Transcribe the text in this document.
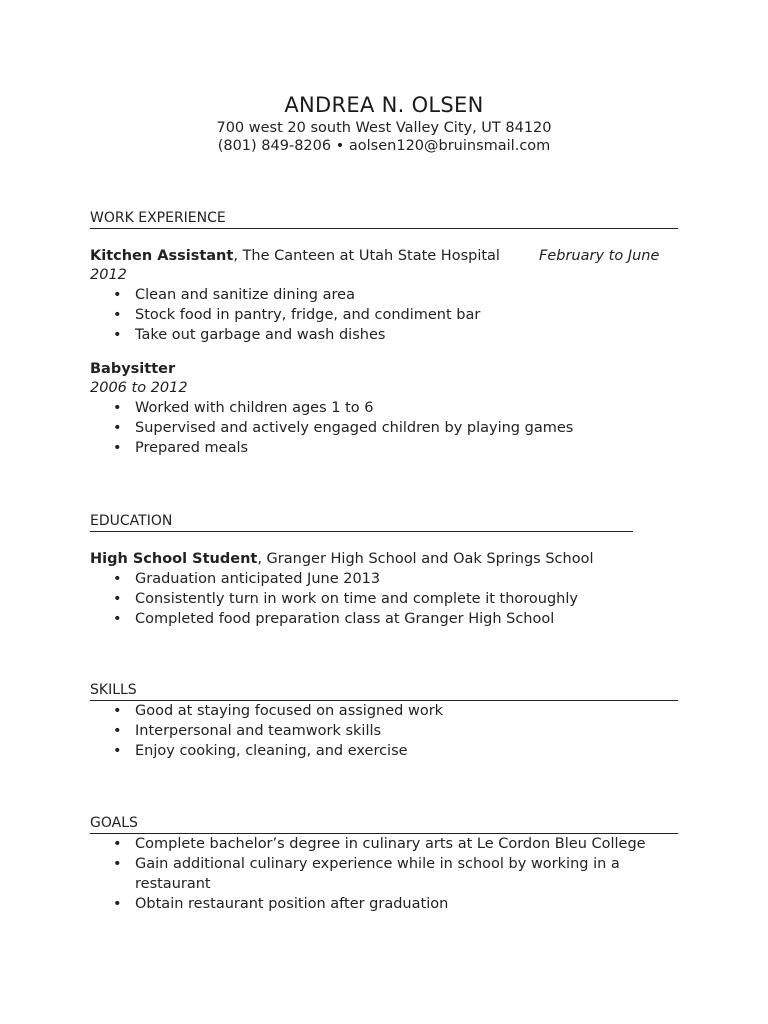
ANDREA N. OLSEN
700 west 20 south West Valley City, UT 84120
(801) 849-8206 • aolsen120@bruinsmail.com
WORK EXPERIENCE
Kitchen Assistant, The Canteen at Utah State Hospital	February to June
2012
• Clean and sanitize dining area
• Stock food in pantry, fridge, and condiment bar
• Take out garbage and wash dishes
Babysitter
2006 to 2012
• Worked with children ages 1 to 6
• Supervised and actively engaged children by playing games
• Prepared meals
EDUCATION
High School Student, Granger High School and Oak Springs School
• Graduation anticipated June 2013
• Consistently turn in work on time and complete it thoroughly
• Completed food preparation class at Granger High School
SKILLS
• Good at staying focused on assigned work
• Interpersonal and teamwork skills
• Enjoy cooking, cleaning, and exercise
GOALS
• Complete bachelor’s degree in culinary arts at Le Cordon Bleu College
• Gain additional culinary experience while in school by working in a restaurant
• Obtain restaurant position after graduation
